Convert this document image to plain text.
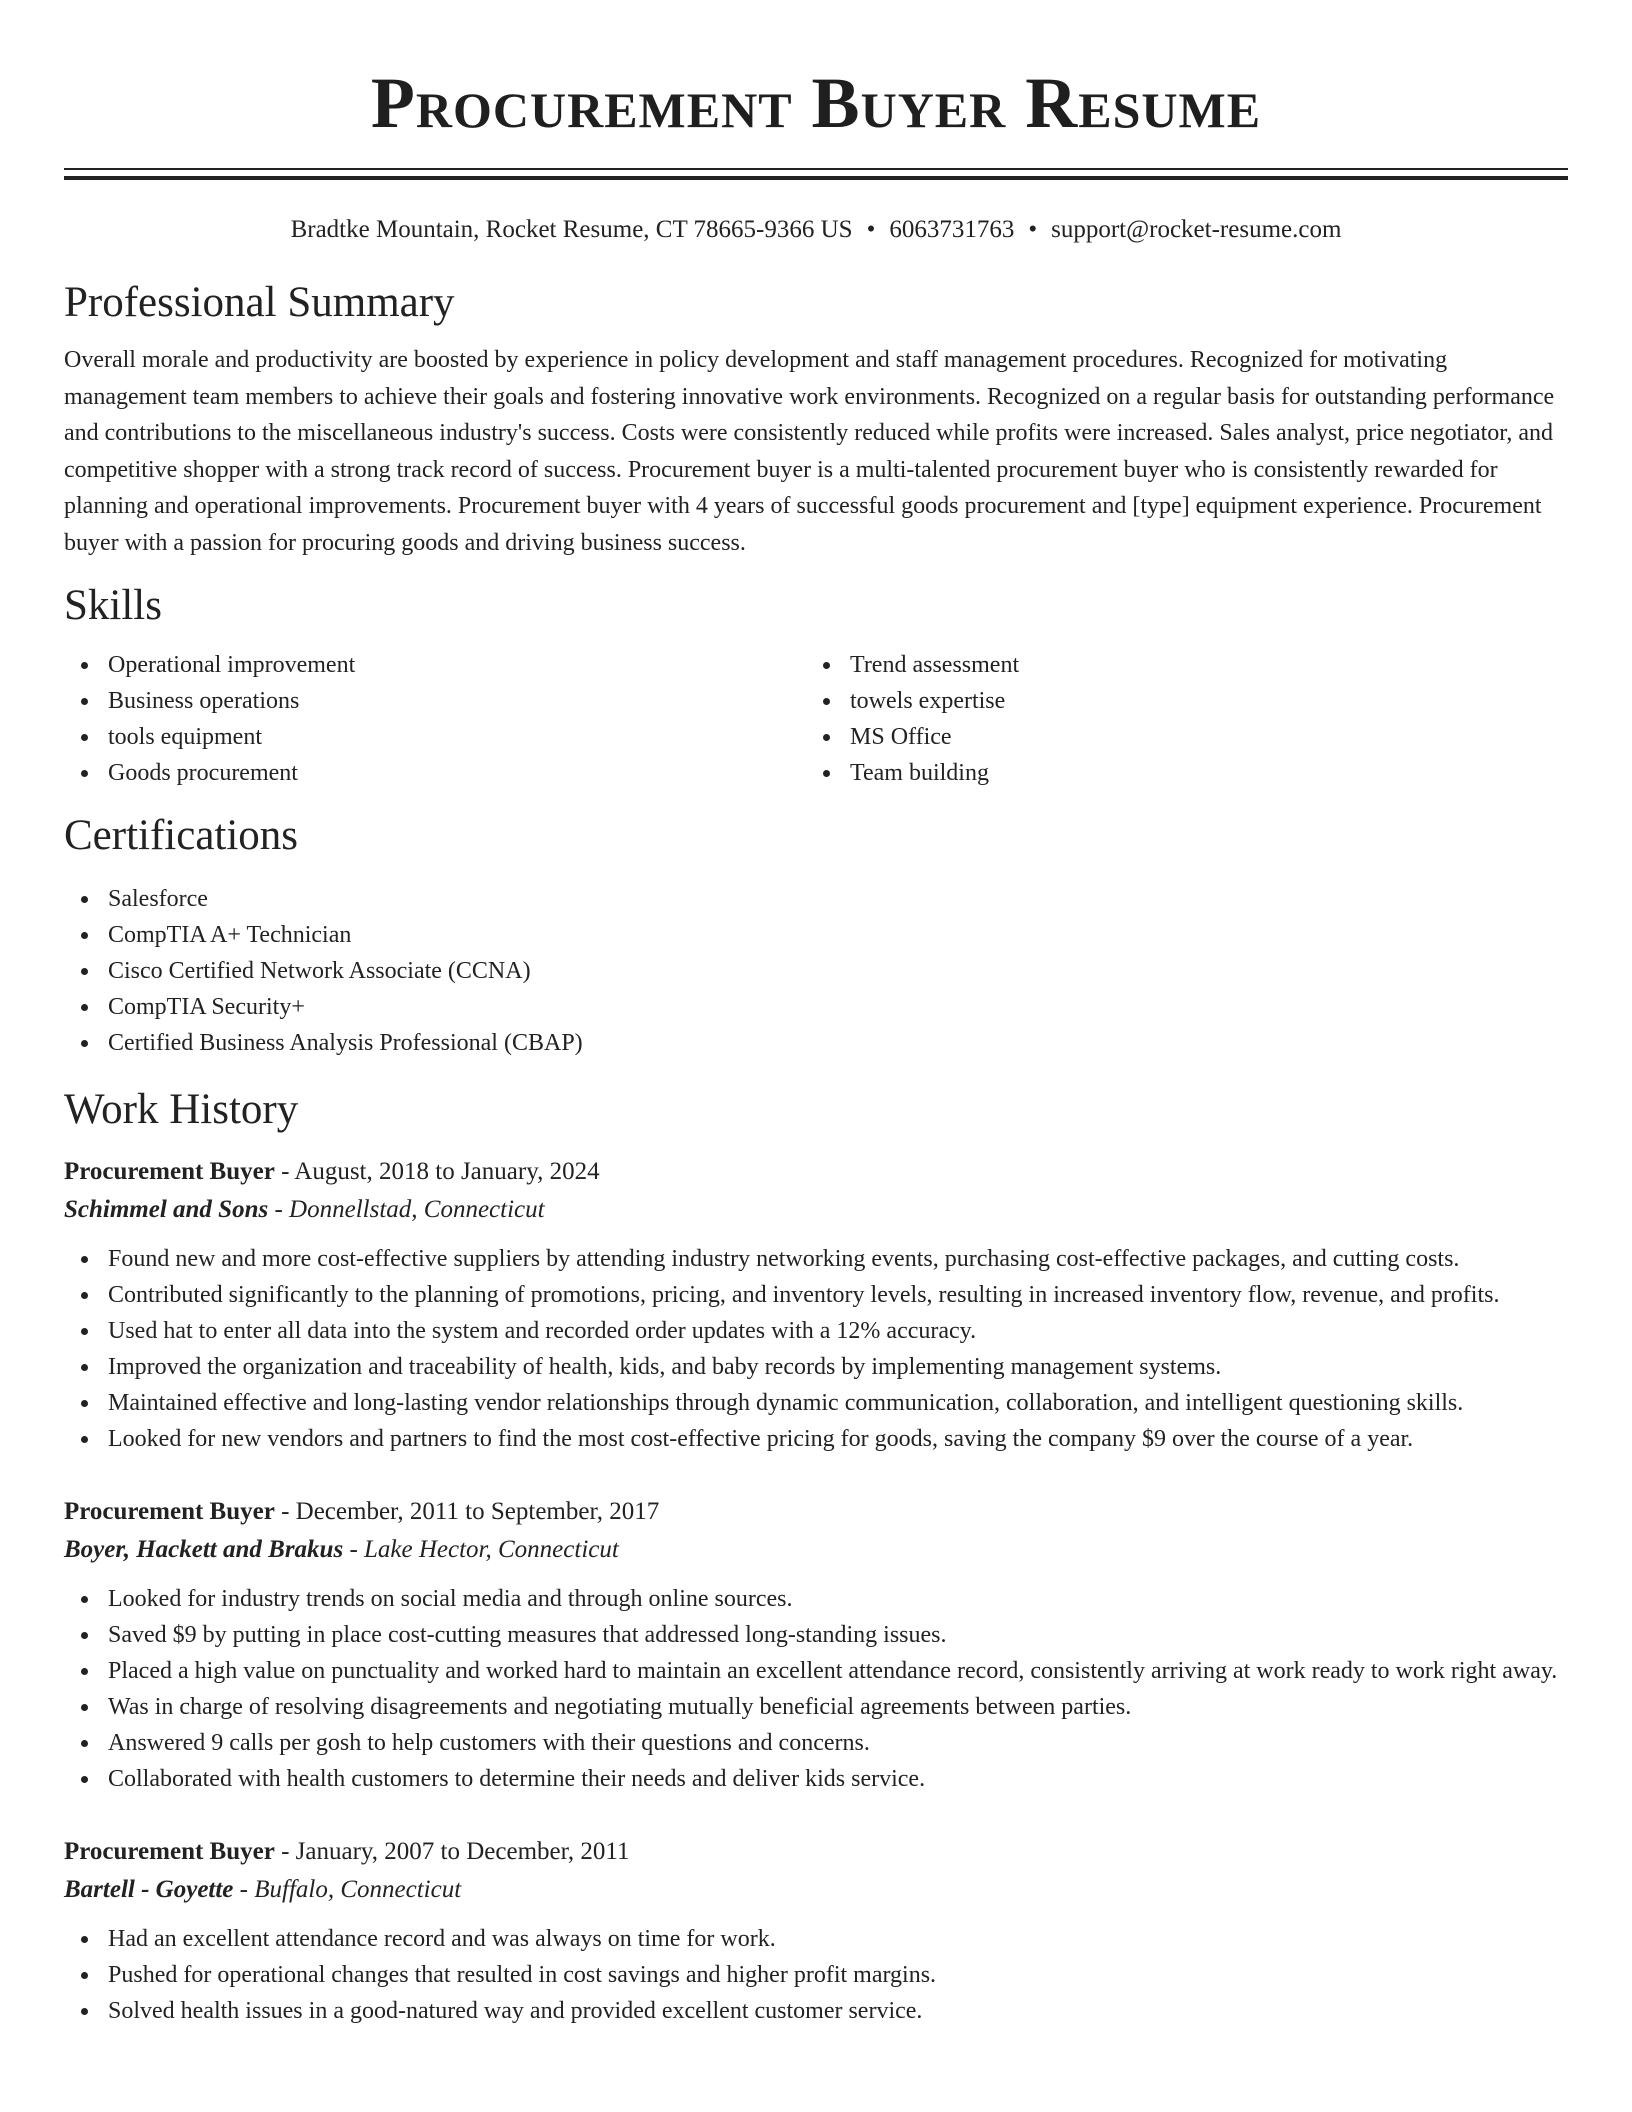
Procurement Buyer Resume
Bradtke Mountain, Rocket Resume, CT 78665-9366 US • 6063731763 • support@rocket-resume.com
Professional Summary
Overall morale and productivity are boosted by experience in policy development and staff management procedures. Recognized for motivating management team members to achieve their goals and fostering innovative work environments. Recognized on a regular basis for outstanding performance and contributions to the miscellaneous industry's success. Costs were consistently reduced while profits were increased. Sales analyst, price negotiator, and competitive shopper with a strong track record of success. Procurement buyer is a multi-talented procurement buyer who is consistently rewarded for planning and operational improvements. Procurement buyer with 4 years of successful goods procurement and [type] equipment experience. Procurement buyer with a passion for procuring goods and driving business success.
Skills
Operational improvement
Business operations
tools equipment
Goods procurement
Trend assessment
towels expertise
MS Office
Team building
Certifications
Salesforce
CompTIA A+ Technician
Cisco Certified Network Associate (CCNA)
CompTIA Security+
Certified Business Analysis Professional (CBAP)
Work History
Procurement Buyer - August, 2018 to January, 2024
Schimmel and Sons - Donnellstad, Connecticut
Found new and more cost-effective suppliers by attending industry networking events, purchasing cost-effective packages, and cutting costs.
Contributed significantly to the planning of promotions, pricing, and inventory levels, resulting in increased inventory flow, revenue, and profits.
Used hat to enter all data into the system and recorded order updates with a 12% accuracy.
Improved the organization and traceability of health, kids, and baby records by implementing management systems.
Maintained effective and long-lasting vendor relationships through dynamic communication, collaboration, and intelligent questioning skills.
Looked for new vendors and partners to find the most cost-effective pricing for goods, saving the company $9 over the course of a year.
Procurement Buyer - December, 2011 to September, 2017
Boyer, Hackett and Brakus - Lake Hector, Connecticut
Looked for industry trends on social media and through online sources.
Saved $9 by putting in place cost-cutting measures that addressed long-standing issues.
Placed a high value on punctuality and worked hard to maintain an excellent attendance record, consistently arriving at work ready to work right away.
Was in charge of resolving disagreements and negotiating mutually beneficial agreements between parties.
Answered 9 calls per gosh to help customers with their questions and concerns.
Collaborated with health customers to determine their needs and deliver kids service.
Procurement Buyer - January, 2007 to December, 2011
Bartell - Goyette - Buffalo, Connecticut
Had an excellent attendance record and was always on time for work.
Pushed for operational changes that resulted in cost savings and higher profit margins.
Solved health issues in a good-natured way and provided excellent customer service.
